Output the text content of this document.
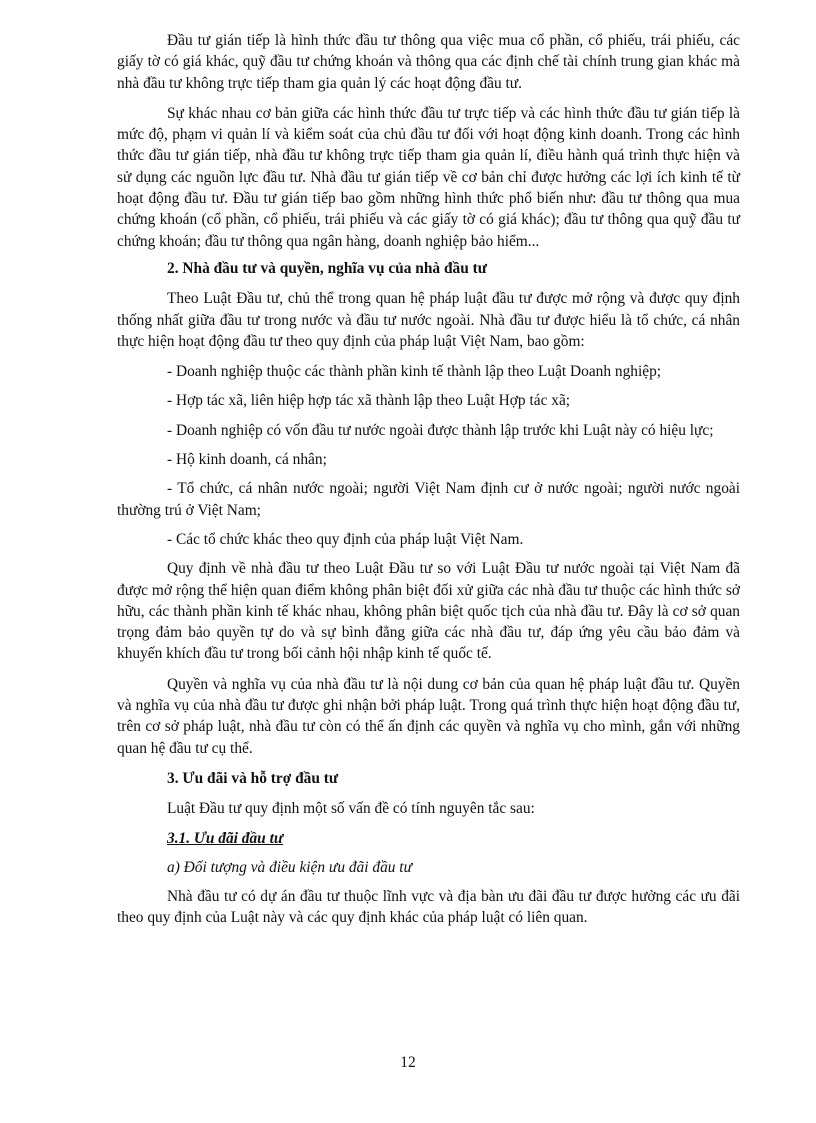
Đầu tư gián tiếp là hình thức đầu tư thông qua việc mua cổ phần, cổ phiếu, trái phiếu, các giấy tờ có giá khác, quỹ đầu tư chứng khoán và thông qua các định chế tài chính trung gian khác mà nhà đầu tư không trực tiếp tham gia quản lý các hoạt động đầu tư.

Sự khác nhau cơ bản giữa các hình thức đầu tư trực tiếp và các hình thức đầu tư gián tiếp là mức độ, phạm vi quản lí và kiểm soát của chủ đầu tư đối với hoạt động kinh doanh. Trong các hình thức đầu tư gián tiếp, nhà đầu tư không trực tiếp tham gia quản lí, điều hành quá trình thực hiện và sử dụng các nguồn lực đầu tư. Nhà đầu tư gián tiếp về cơ bản chỉ được hưởng các lợi ích kinh tế từ hoạt động đầu tư. Đầu tư gián tiếp bao gồm những hình thức phổ biến như: đầu tư thông qua mua chứng khoán (cổ phần, cổ phiếu, trái phiếu và các giấy tờ có giá khác); đầu tư thông qua quỹ đầu tư chứng khoán; đầu tư thông qua ngân hàng, doanh nghiệp bảo hiểm...

2. Nhà đầu tư và quyền, nghĩa vụ của nhà đầu tư

Theo Luật Đầu tư, chủ thể trong quan hệ pháp luật đầu tư được mở rộng và được quy định thống nhất giữa đầu tư trong nước và đầu tư nước ngoài. Nhà đầu tư được hiểu là tổ chức, cá nhân thực hiện hoạt động đầu tư theo quy định của pháp luật Việt Nam, bao gồm:

- Doanh nghiệp thuộc các thành phần kinh tế thành lập theo Luật Doanh nghiệp;

- Hợp tác xã, liên hiệp hợp tác xã thành lập theo Luật Hợp tác xã;

- Doanh nghiệp có vốn đầu tư nước ngoài được thành lập trước khi Luật này có hiệu lực;

- Hộ kinh doanh, cá nhân;

- Tổ chức, cá nhân nước ngoài; người Việt Nam định cư ở nước ngoài; người nước ngoài thường trú ở Việt Nam;

- Các tổ chức khác theo quy định của pháp luật Việt Nam.

Quy định về nhà đầu tư theo Luật Đầu tư so với Luật Đầu tư nước ngoài tại Việt Nam đã được mở rộng thể hiện quan điểm không phân biệt đối xử giữa các nhà đầu tư thuộc các hình thức sở hữu, các thành phần kinh tế khác nhau, không phân biệt quốc tịch của nhà đầu tư. Đây là cơ sở quan trọng đảm bảo quyền tự do và sự bình đẳng giữa các nhà đầu tư, đáp ứng yêu cầu bảo đảm và khuyến khích đầu tư trong bối cảnh hội nhập kinh tế quốc tế.

Quyền và nghĩa vụ của nhà đầu tư là nội dung cơ bản của quan hệ pháp luật đầu tư. Quyền và nghĩa vụ của nhà đầu tư được ghi nhận bởi pháp luật. Trong quá trình thực hiện hoạt động đầu tư, trên cơ sở pháp luật, nhà đầu tư còn có thể ấn định các quyền và nghĩa vụ cho mình, gắn với những quan hệ đầu tư cụ thể.

3. Ưu đãi và hỗ trợ đầu tư

Luật Đầu tư quy định một số vấn đề có tính nguyên tắc sau:

3.1. Ưu đãi đầu tư

a) Đối tượng và điều kiện ưu đãi đầu tư

Nhà đầu tư có dự án đầu tư thuộc lĩnh vực và địa bàn ưu đãi đầu tư được hưởng các ưu đãi theo quy định của Luật này và các quy định khác của pháp luật có liên quan.

12
